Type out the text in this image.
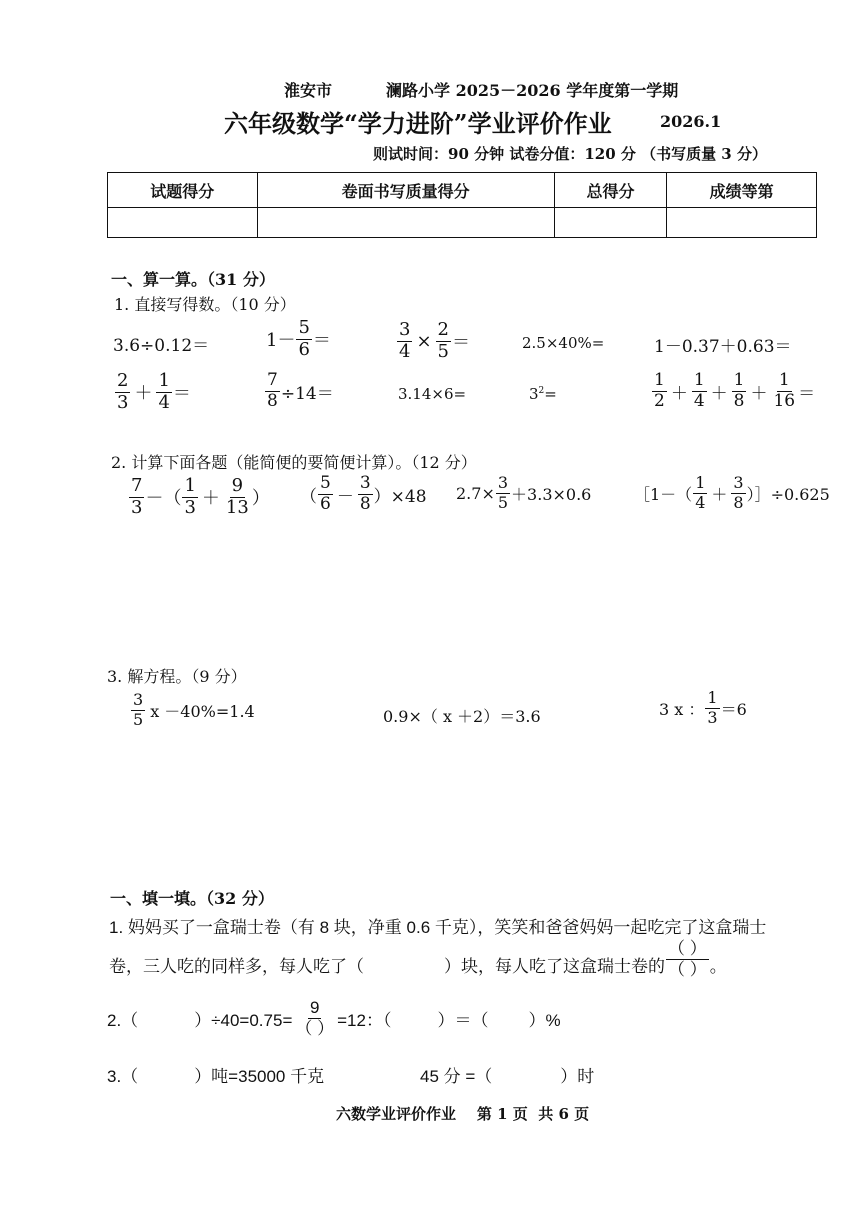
淮安市	澜路小学 2025－2026 学年度第一学期
六年级数学“学力进阶”学业评价作业	2026.1
则试时间：90 分钟 试卷分值：120 分 （书写质量 3 分）
试题得分	卷面书写质量得分	总得分	成绩等第

一、算一算。（31 分）
1. 直接写得数。（10 分）
3.6÷0.12＝	$1- \frac{5}{6}$ ＝	$\frac{3}{4} \times \frac{2}{5}$ ＝	2.5×40%=	1－0.37＋0.63＝
$\frac{2}{3} + \frac{1}{4}$ ＝	$\frac{7}{8} \div 14=$	3.14×6=	$3^2=$	$\frac{1}{2} + \frac{1}{4} + \frac{1}{8} + \frac{1}{16}$ ＝
2. 计算下面各题（能简便的要简便计算）。（12 分）
$\frac{7}{3}$ －（ $\frac{1}{3} + \frac{9}{13}$ ） （ $\frac{5}{6} - \frac{3}{8} )\times 48$ $2.7\times \frac{3}{5} +3.3\times 0.6$	［1－（ $\frac{1}{4} + \frac{3}{8}$ ）］÷0.625
3. 解方程。（9 分）
$\frac{3}{5}$ x －40%=1.4	0.9×（ x ＋2）＝3.6	3 x ： $\frac{1}{3} =6$
一、填一填。（32 分）
1. 妈妈买了一盒瑞士卷（有 8 块，净重 0.6 千克），笑笑和爸爸妈妈一起吃完了这盒瑞士
卷，三人吃的同样多，每人吃了（	）块，每人吃了这盒瑞士卷的 $\frac{( )}{( )}$ 。
2.（	）$\div 40=0.75= \frac{9}{( )} =12$：（	）＝（ ）%
3.（	）吨=35000 千克	45 分 =（	）时
六数学业评价作业    第 1 页  共 6 页
